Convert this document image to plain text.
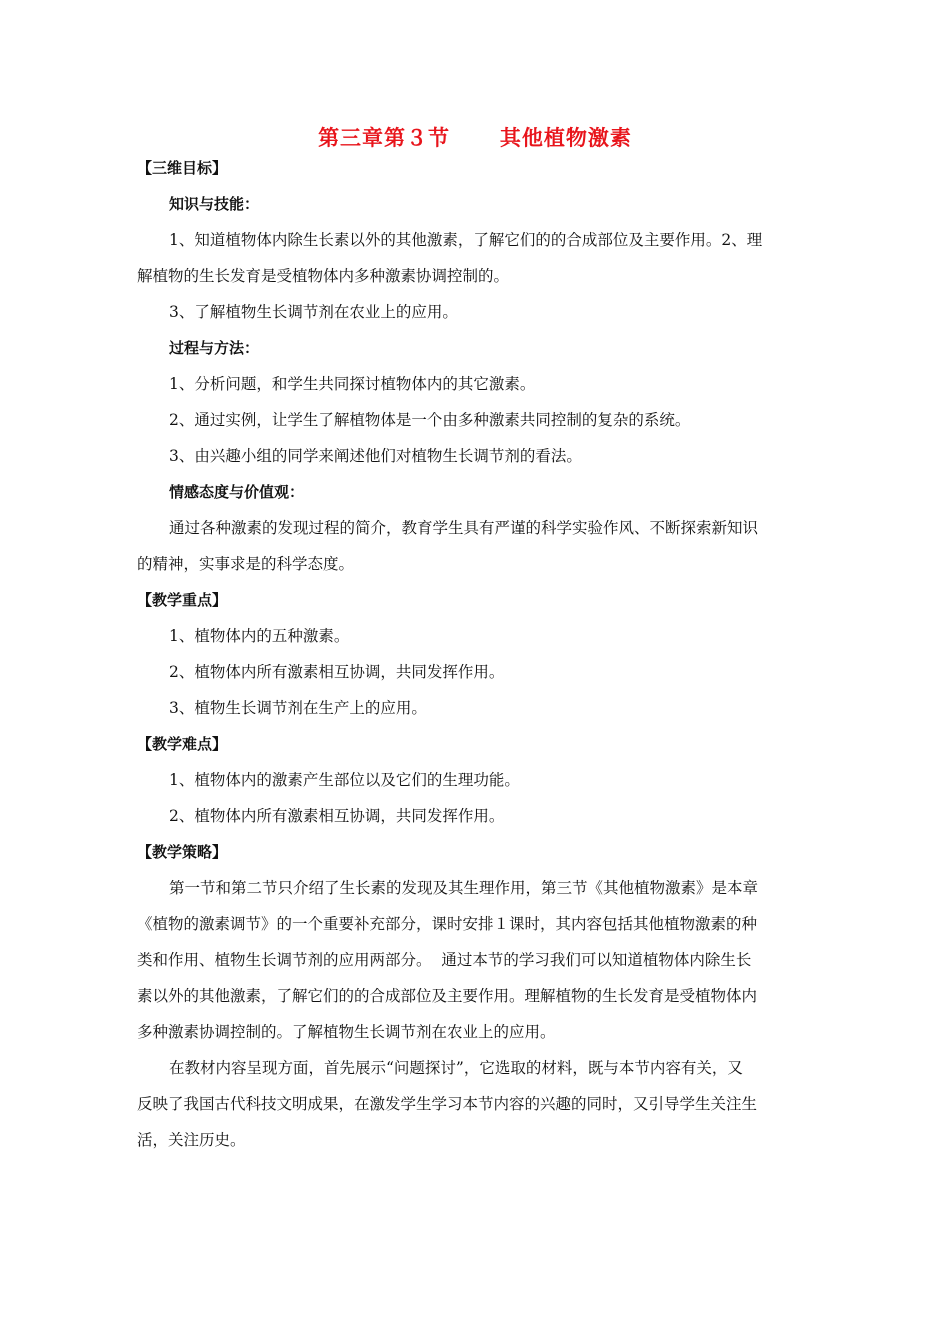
第三章第３节      其他植物激素
【三维目标】
知识与技能：
1、知道植物体内除生长素以外的其他激素，了解它们的的合成部位及主要作用。2、理
解植物的生长发育是受植物体内多种激素协调控制的。
3、了解植物生长调节剂在农业上的应用。
过程与方法：
1、分析问题，和学生共同探讨植物体内的其它激素。
2、通过实例，让学生了解植物体是一个由多种激素共同控制的复杂的系统。
3、由兴趣小组的同学来阐述他们对植物生长调节剂的看法。
情感态度与价值观：
通过各种激素的发现过程的简介，教育学生具有严谨的科学实验作风、不断探索新知识
的精神，实事求是的科学态度。
【教学重点】
1、植物体内的五种激素。
2、植物体内所有激素相互协调，共同发挥作用。
3、植物生长调节剂在生产上的应用。
【教学难点】
1、植物体内的激素产生部位以及它们的生理功能。
2、植物体内所有激素相互协调，共同发挥作用。
【教学策略】
第一节和第二节只介绍了生长素的发现及其生理作用，第三节《其他植物激素》是本章
《植物的激素调节》的一个重要补充部分，课时安排１课时，其内容包括其他植物激素的种
类和作用、植物生长调节剂的应用两部分。  通过本节的学习我们可以知道植物体内除生长
素以外的其他激素，了解它们的的合成部位及主要作用。理解植物的生长发育是受植物体内
多种激素协调控制的。了解植物生长调节剂在农业上的应用。
在教材内容呈现方面，首先展示“问题探讨”，它选取的材料，既与本节内容有关，又
反映了我国古代科技文明成果，在激发学生学习本节内容的兴趣的同时，又引导学生关注生
活，关注历史。
